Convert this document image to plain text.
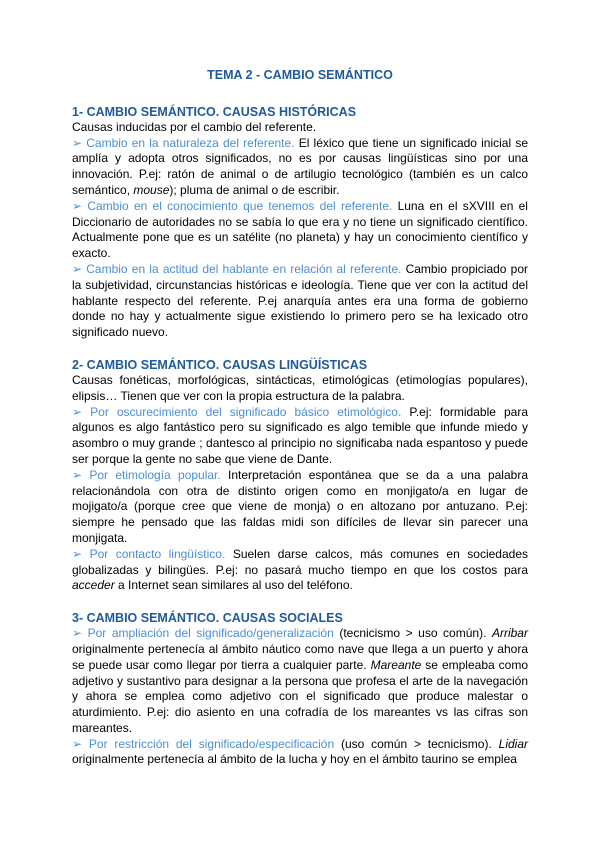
TEMA 2 - CAMBIO SEMÁNTICO
1- CAMBIO SEMÁNTICO. CAUSAS HISTÓRICAS

Causas inducidas por el cambio del referente.

➢ Cambio en la naturaleza del referente. El léxico que tiene un significado inicial se amplía y adopta otros significados, no es por causas lingüísticas sino por una innovación. P.ej: ratón de animal o de artilugio tecnológico (también es un calco semántico, mouse); pluma de animal o de escribir.

➢ Cambio en el conocimiento que tenemos del referente. Luna en el sXVIII en el Diccionario de autoridades no se sabía lo que era y no tiene un significado científico. Actualmente pone que es un satélite (no planeta) y hay un conocimiento científico y exacto.

➢ Cambio en la actitud del hablante en relación al referente. Cambio propiciado por la subjetividad, circunstancias históricas e ideología. Tiene que ver con la actitud del hablante respecto del referente. P.ej anarquía antes era una forma de gobierno donde no hay y actualmente sigue existiendo lo primero pero se ha lexicado otro significado nuevo.

2- CAMBIO SEMÁNTICO. CAUSAS LINGÜÍSTICAS

Causas fonéticas, morfológicas, sintácticas, etimológicas (etimologías populares), elipsis… Tienen que ver con la propia estructura de la palabra.

➢ Por oscurecimiento del significado básico etimológico. P.ej: formidable para algunos es algo fantástico pero su significado es algo temible que infunde miedo y asombro o muy grande ; dantesco al principio no significaba nada espantoso y puede ser porque la gente no sabe que viene de Dante.

➢ Por etimología popular. Interpretación espontánea que se da a una palabra relacionándola con otra de distinto origen como en monjigato/a en lugar de mojigato/a (porque cree que viene de monja) o en altozano por antuzano. P.ej: siempre he pensado que las faldas midi son difíciles de llevar sin parecer una monjigata.

➢ Por contacto lingüístico. Suelen darse calcos, más comunes en sociedades globalizadas y bilingües. P.ej: no pasará mucho tiempo en que los costos para acceder a Internet sean similares al uso del teléfono.

3- CAMBIO SEMÁNTICO. CAUSAS SOCIALES

➢ Por ampliación del significado/generalización (tecnicismo > uso común). Arribar originalmente pertenecía al ámbito náutico como nave que llega a un puerto y ahora se puede usar como llegar por tierra a cualquier parte. Mareante se empleaba como adjetivo y sustantivo para designar a la persona que profesa el arte de la navegación y ahora se emplea como adjetivo con el significado que produce malestar o aturdimiento. P.ej: dio asiento en una cofradía de los mareantes vs las cifras son mareantes.

➢ Por restricción del significado/especificación (uso común > tecnicismo). Lidiar originalmente pertenecía al ámbito de la lucha y hoy en el ámbito taurino se emplea
